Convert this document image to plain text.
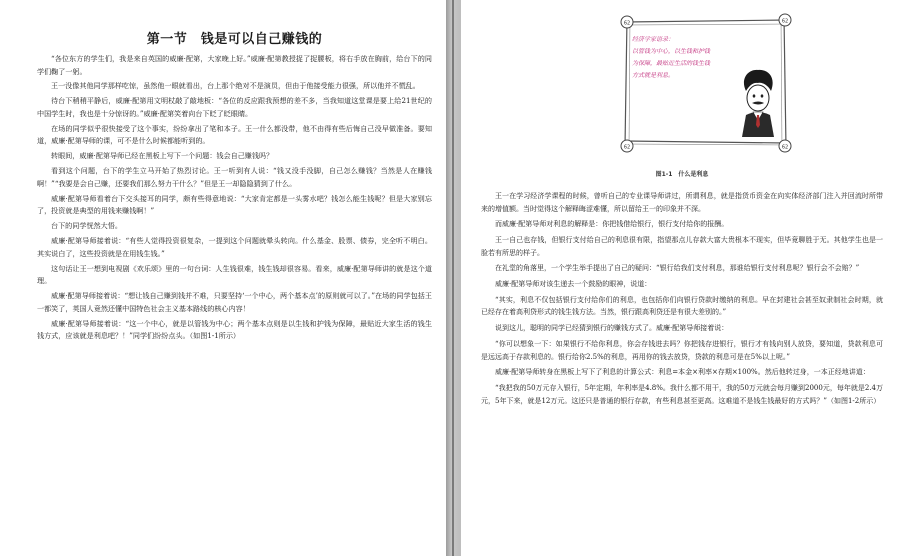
第一节　钱是可以自己赚钱的

“各位东方的学生们，我是来自英国的威廉·配第，大家晚上好。”威廉·配第教授捉了捉腰板，将右手放在胸前，给台下的同学们鞠了一躬。

王一没像其他同学那样吃惊，虽然他一眼就看出，台上那个绝对不是演员，但由于他接受能力很强，所以他并不慌乱。

待台下稍稍平静后，威廉·配第用文明杖敲了敲地板：“各位的反应跟我预想的差不多，当我知道这堂课是要上给21世纪的中国学生时，我也是十分惊讶的。”威廉·配第笑着向台下眨了眨眼睛。

在场的同学似乎很快接受了这个事实，纷纷拿出了笔和本子。王一什么都没带，他不由得有些后悔自己没早做准备。要知道，威廉·配第导师的课，可不是什么时候都能听到的。

转眼间，威廉·配第导师已经在黑板上写下一个问题：钱会自己赚钱吗？

看到这个问题，台下的学生立马开始了热烈讨论。王一听到有人说：“钱又没手没脚，自己怎么赚钱？当然是人在赚钱啊！”“我要是会自己赚，还要我们那么努力干什么？”但是王一却隐隐猜到了什么。

威廉·配第导师看着台下交头接耳的同学，颇有些得意地说：“大家肯定都是一头雾水吧？钱怎么能生钱呢？但是大家别忘了，投资就是典型的用钱来赚钱啊！”

台下的同学恍然大悟。

威廉·配第导师接着说：“有些人觉得投资很复杂，一提到这个问题就晕头转向。什么基金、股票、债券，完全听不明白。其实说白了，这些投资就是在用钱生钱。”

这句话让王一想到电视剧《欢乐颂》里的一句台词：人生钱很难，钱生钱却很容易。看来，威廉·配第导师讲的就是这个道理。

威廉·配第导师接着说：“想让钱自己赚到钱并不难，只要坚持‘一个中心，两个基本点’的原则就可以了。”在场的同学包括王一都笑了，英国人竟然还懂中国特色社会主义基本路线的核心内容！

威廉·配第导师接着说：“这一个中心，就是以管钱为中心；两个基本点则是以生钱和护钱为保障，最贴近大家生活的钱生钱方式，应该就是利息吧？！”同学们纷纷点头。（如图1-1所示）

62	62
62	62
经济学家语录：
以管钱为中心，以生钱和护钱
为保障，最贴近生活的钱生钱
方式就是利息。
图1-1　什么是利息

王一在学习经济学课程的时候，曾听自己的专业课导师讲过，所谓利息，就是指货币资金在向实体经济部门注入并回流时所带来的增值额。当时觉得这个解释晦涩难懂，所以留给王一的印象并不深。

而威廉·配第导师对利息的解释是：你把钱借给银行，银行支付给你的报酬。

王一自己也存钱，但银行支付给自己的利息很有限，指望那点儿存款大富大贵根本不现实，但毕竟聊胜于无。其他学生也是一脸若有所思的样子。

在礼堂的角落里，一个学生举手提出了自己的疑问：“银行给我们支付利息，那谁给银行支付利息呢？银行会不会赔？”

威廉·配第导师对该生递去一个鼓励的眼神，说道：

“其实，利息不仅包括银行支付给你们的利息，也包括你们向银行贷款时缴纳的利息。早在封建社会甚至奴隶制社会时期，就已经存在着高利贷形式的钱生钱方法。当然，银行跟高利贷还是有很大差别的。”

说到这儿，聪明的同学已经猜到银行的赚钱方式了。威廉·配第导师接着说：

“你可以想象一下：如果银行不给你利息，你会存钱进去吗？你把钱存进银行，银行才有钱向别人放贷，要知道，贷款利息可是远远高于存款利息的。银行给你2.5%的利息，再用你的钱去放贷，贷款的利息可是在5%以上呢。”

威廉·配第导师转身在黑板上写下了利息的计算公式：利息=本金×利率×存期×100%。然后他转过身，一本正经地讲道：

“我把我的50万元存入银行，5年定期，年利率是4.8%。我什么都不用干，我的50万元就会每月赚到2000元，每年就是2.4万元，5年下来，就是12万元。这还只是普通的银行存款，有些利息甚至更高。这难道不是钱生钱最好的方式吗？”（如图1-2所示）
